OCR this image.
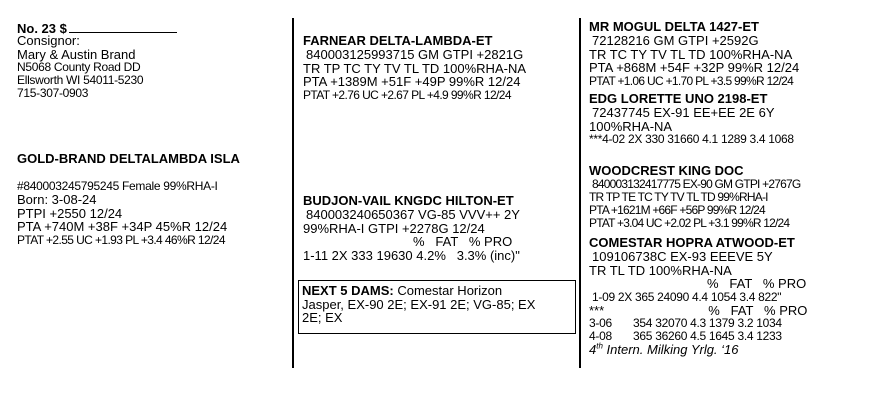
No. 23 $
Consignor:
Mary & Austin Brand
N5068 County Road DD
Ellsworth WI 54011-5230
715-307-0903
GOLD-BRAND DELTALAMBDA ISLA
#840003245795245 Female 99%RHA-I
Born: 3-08-24
PTPI +2550 12/24
PTA +740M +38F +34P 45%R 12/24
PTAT +2.55 UC +1.93 PL +3.4 46%R 12/24
FARNEAR DELTA-LAMBDA-ET
840003125993715 GM GTPI +2821G
TR TP TC TY TV TL TD 100%RHA-NA
PTA +1389M +51F +49P 99%R 12/24
PTAT +2.76 UC +2.67 PL +4.9 99%R 12/24
BUDJON-VAIL KNGDC HILTON-ET
840003240650367 VG-85 VVV++ 2Y
99%RHA-I GTPI +2278G 12/24
%   FAT   % PRO
1-11 2X 333 19630 4.2%   3.3% (inc)"
NEXT 5 DAMS: Comestar Horizon
Jasper, EX-90 2E; EX-91 2E; VG-85; EX
2E; EX
MR MOGUL DELTA 1427-ET
72128216 GM GTPI +2592G
TR TC TY TV TL TD 100%RHA-NA
PTA +868M +54F +32P 99%R 12/24
PTAT +1.06 UC +1.70 PL +3.5 99%R 12/24
EDG LORETTE UNO 2198-ET
72437745 EX-91 EE+EE 2E 6Y
100%RHA-NA
***4-02 2X 330 31660 4.1 1289 3.4 1068
WOODCREST KING DOC
840003132417775 EX-90 GM GTPI +2767G
TR TP TE TC TY TV TL TD 99%RHA-I
PTA +1621M +66F +56P 99%R 12/24
PTAT +3.04 UC +2.02 PL +3.1 99%R 12/24
COMESTAR HOPRA ATWOOD-ET
109106738C EX-93 EEEVE 5Y
TR TL TD 100%RHA-NA
%   FAT   % PRO
1-09 2X 365 24090 4.4 1054 3.4 822"
***	%   FAT   % PRO
3-06       354 32070 4.3 1379 3.2 1034
4-08       365 36260 4.5 1645 3.4 1233
4th Intern. Milking Yrlg. ‘16
